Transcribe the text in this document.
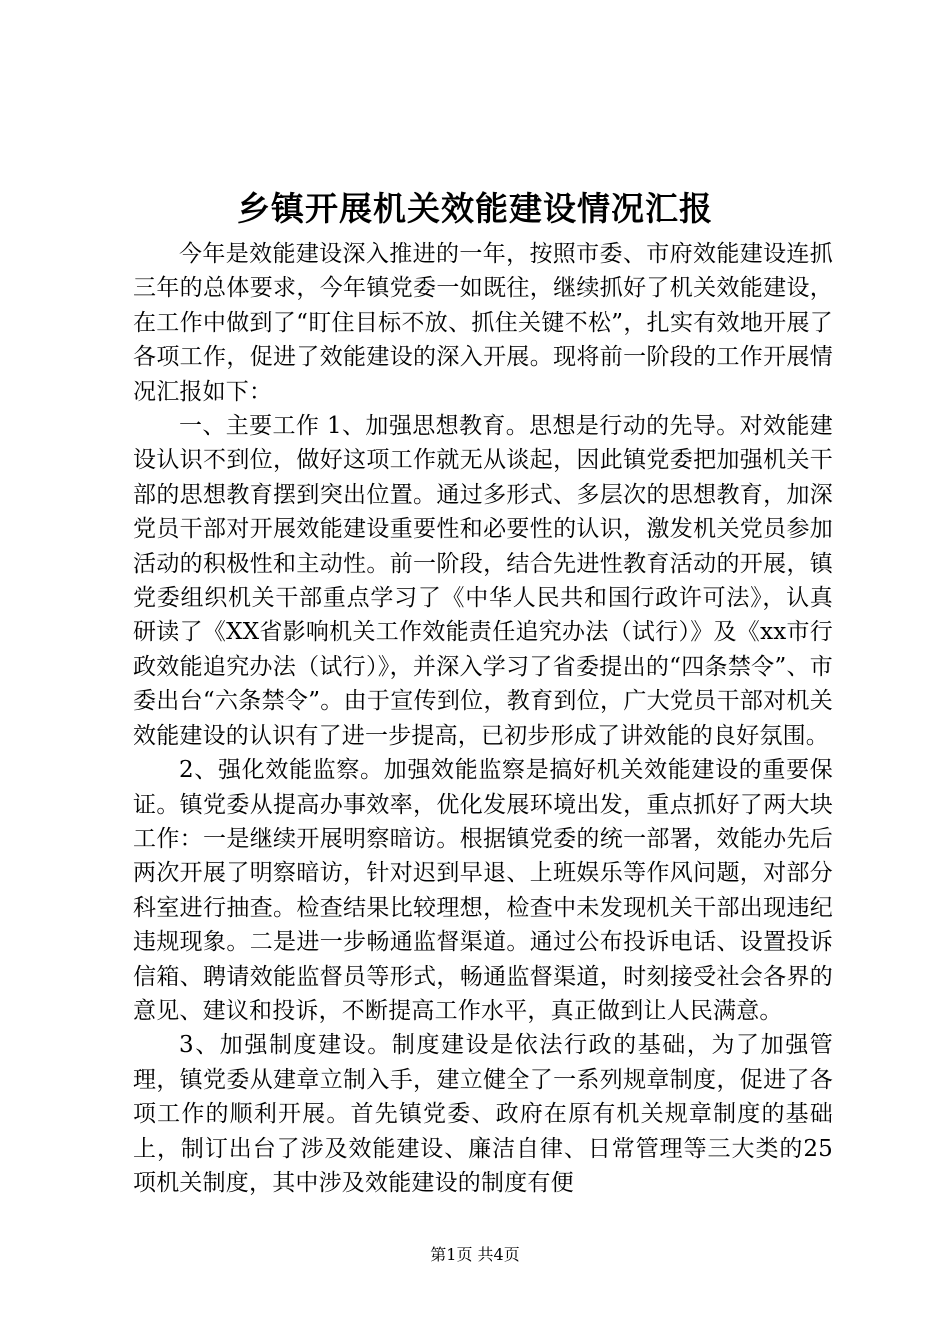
乡镇开展机关效能建设情况汇报

今年是效能建设深入推进的一年，按照市委、市府效能建设连抓三年的总体要求，今年镇党委一如既往，继续抓好了机关效能建设，在工作中做到了“盯住目标不放、抓住关键不松”，扎实有效地开展了各项工作，促进了效能建设的深入开展。现将前一阶段的工作开展情况汇报如下：

一、主要工作 1、加强思想教育。思想是行动的先导。对效能建设认识不到位，做好这项工作就无从谈起，因此镇党委把加强机关干部的思想教育摆到突出位置。通过多形式、多层次的思想教育，加深党员干部对开展效能建设重要性和必要性的认识，激发机关党员参加活动的积极性和主动性。前一阶段，结合先进性教育活动的开展，镇党委组织机关干部重点学习了《中华人民共和国行政许可法》，认真研读了《XX省影响机关工作效能责任追究办法（试行）》及《xx市行政效能追究办法（试行）》，并深入学习了省委提出的“四条禁令”、市委出台“六条禁令”。由于宣传到位，教育到位，广大党员干部对机关效能建设的认识有了进一步提高，已初步形成了讲效能的良好氛围。

2、强化效能监察。加强效能监察是搞好机关效能建设的重要保证。镇党委从提高办事效率，优化发展环境出发，重点抓好了两大块工作：一是继续开展明察暗访。根据镇党委的统一部署，效能办先后两次开展了明察暗访，针对迟到早退、上班娱乐等作风问题，对部分科室进行抽查。检查结果比较理想，检查中未发现机关干部出现违纪违规现象。二是进一步畅通监督渠道。通过公布投诉电话、设置投诉信箱、聘请效能监督员等形式，畅通监督渠道，时刻接受社会各界的意见、建议和投诉，不断提高工作水平，真正做到让人民满意。

3、加强制度建设。制度建设是依法行政的基础，为了加强管理，镇党委从建章立制入手，建立健全了一系列规章制度，促进了各项工作的顺利开展。首先镇党委、政府在原有机关规章制度的基础上，制订出台了涉及效能建设、廉洁自律、日常管理等三大类的25项机关制度，其中涉及效能建设的制度有便

第1页 共4页
